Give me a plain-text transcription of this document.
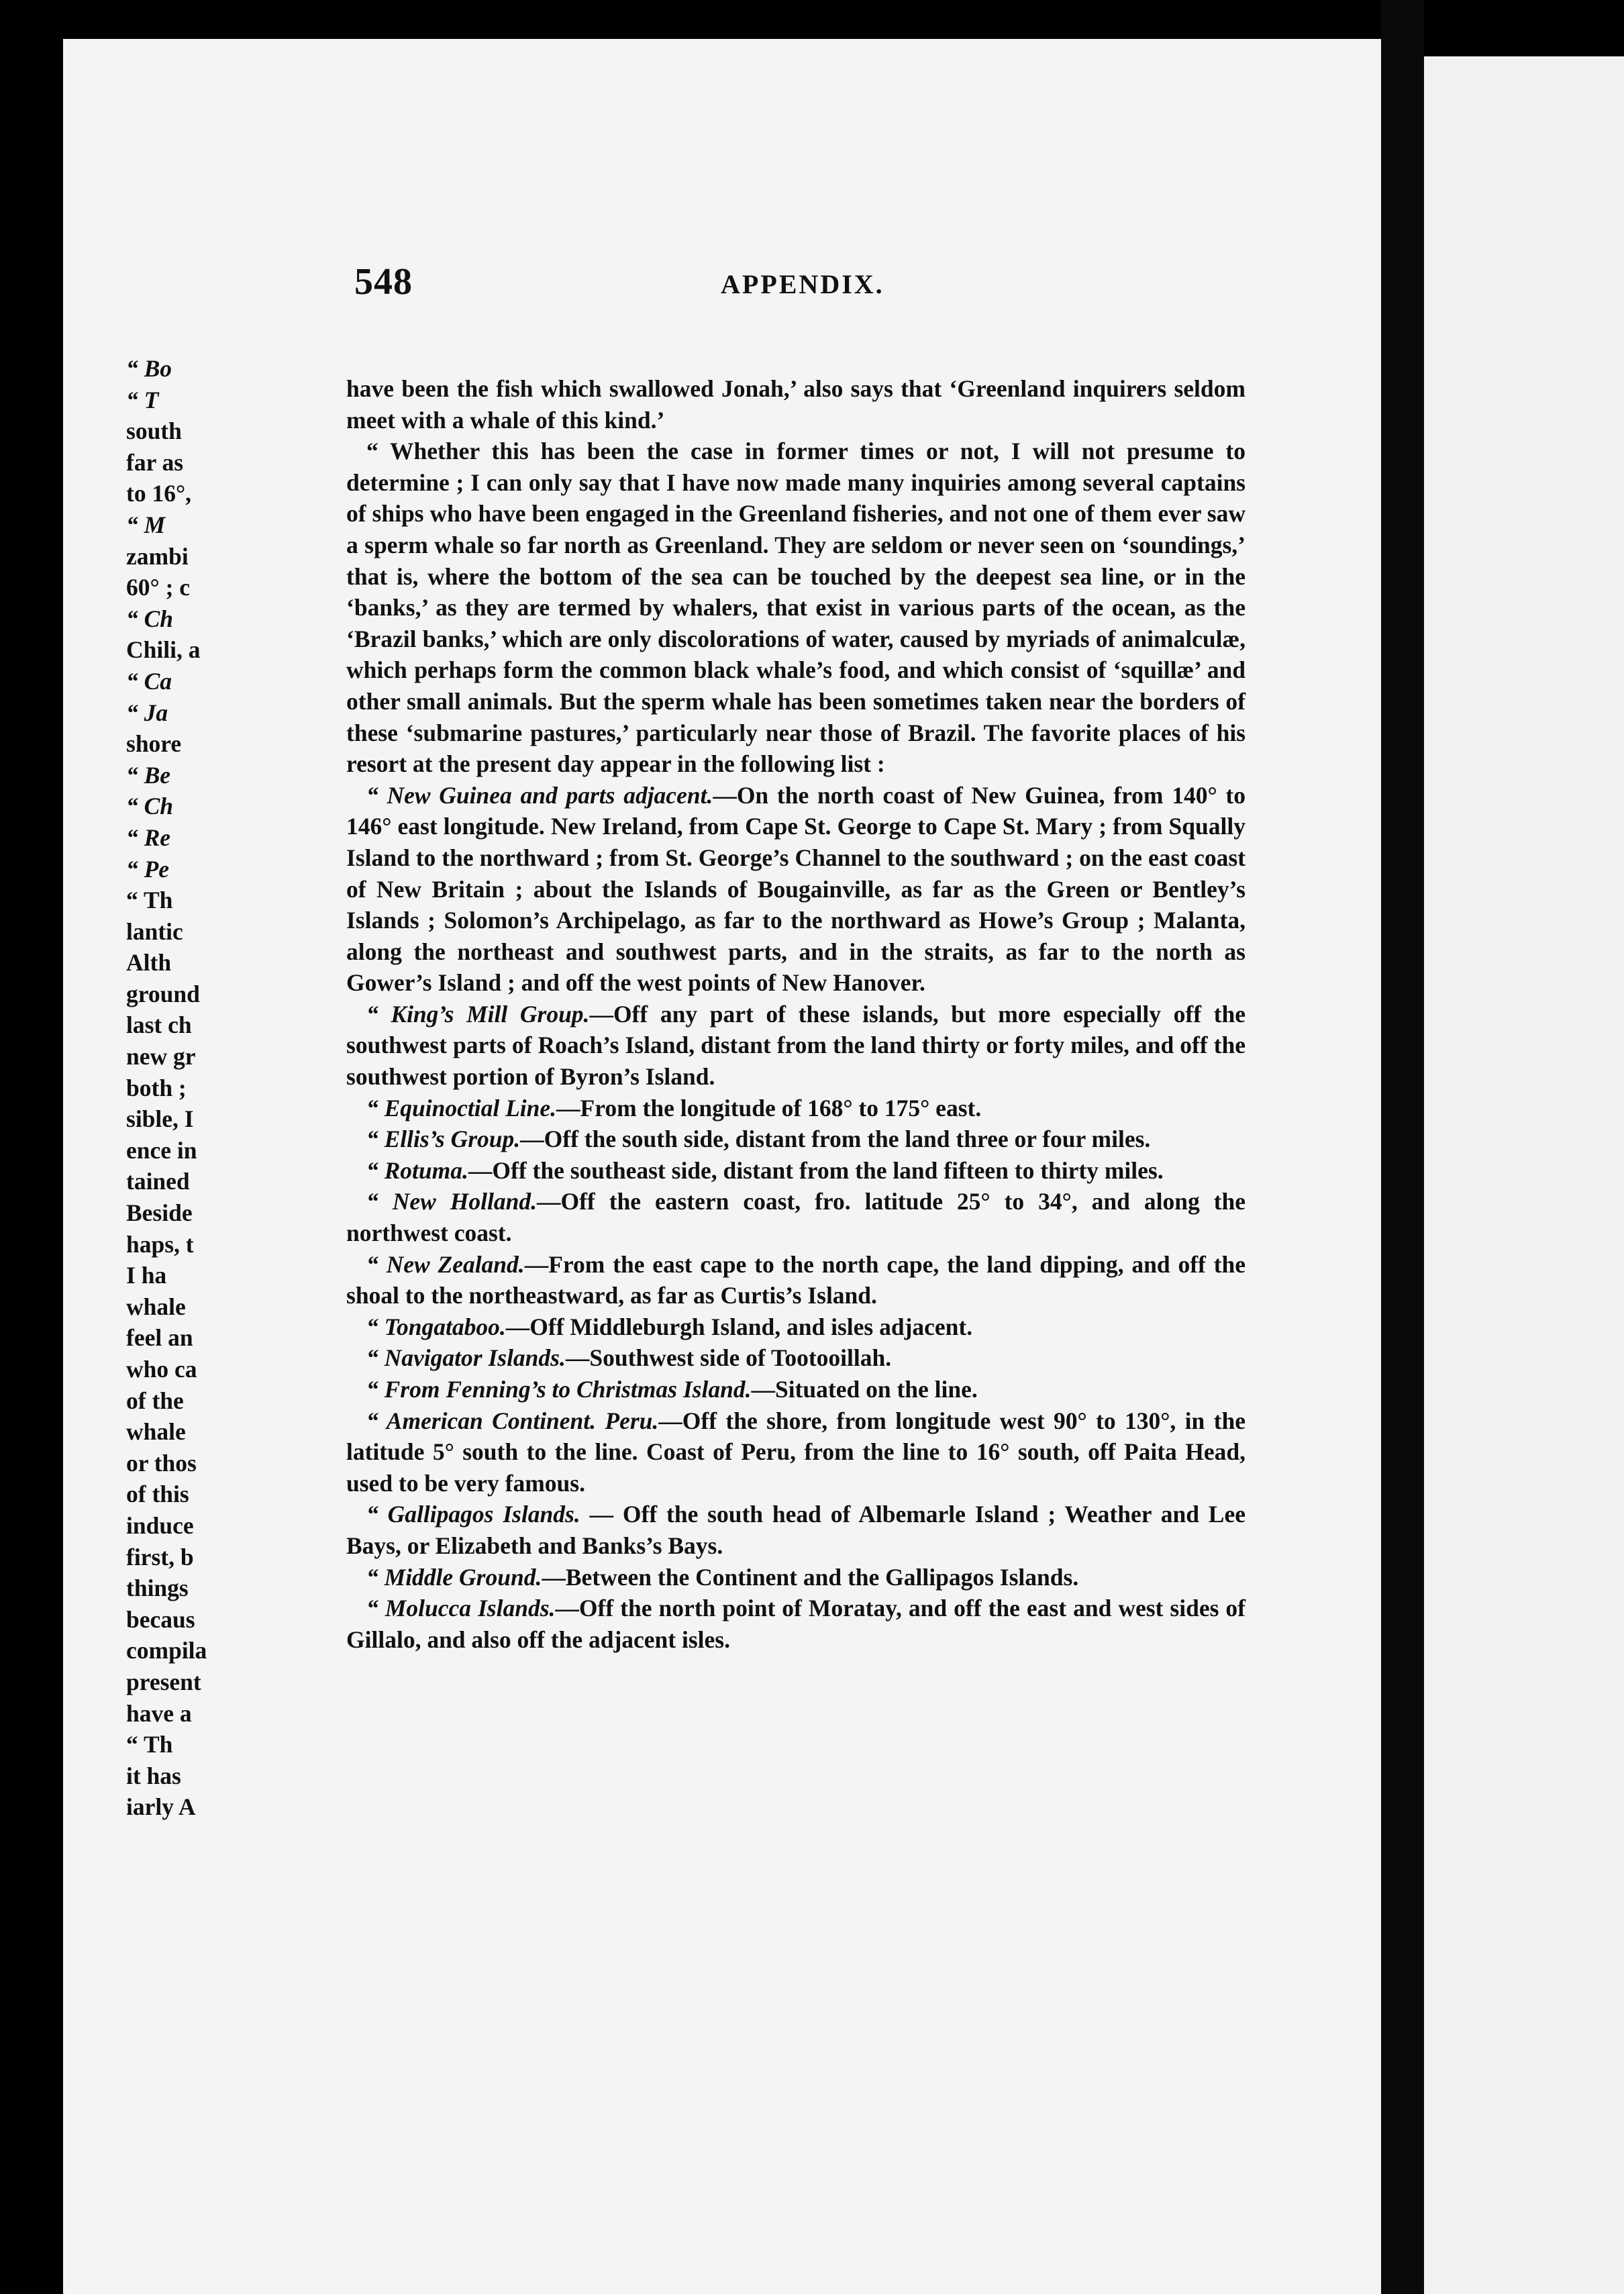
548	APPENDIX.

have been the fish which swallowed Jonah,’ also says that ‘Greenland inquirers seldom meet with a whale of this kind.’

“ Whether this has been the case in former times or not, I will not presume to determine ; I can only say that I have now made many inquiries among several captains of ships who have been engaged in the Greenland fisheries, and not one of them ever saw a sperm whale so far north as Greenland. They are seldom or never seen on ‘soundings,’ that is, where the bottom of the sea can be touched by the deepest sea line, or in the ‘banks,’ as they are termed by whalers, that exist in various parts of the ocean, as the ‘Brazil banks,’ which are only discolorations of water, caused by myriads of animalculæ, which perhaps form the common black whale’s food, and which consist of ‘squillæ’ and other small animals. But the sperm whale has been sometimes taken near the borders of these ‘submarine pastures,’ particularly near those of Brazil. The favorite places of his resort at the present day appear in the following list :

“ New Guinea and parts adjacent.—On the north coast of New Guinea, from 140° to 146° east longitude. New Ireland, from Cape St. George to Cape St. Mary ; from Squally Island to the northward ; from St. George’s Channel to the southward ; on the east coast of New Britain ; about the Islands of Bougainville, as far as the Green or Bentley’s Islands ; Solomon’s Archipelago, as far to the northward as Howe’s Group ; Malanta, along the northeast and southwest parts, and in the straits, as far to the north as Gower’s Island ; and off the west points of New Hanover.

“ King’s Mill Group.—Off any part of these islands, but more especially off the southwest parts of Roach’s Island, distant from the land thirty or forty miles, and off the southwest portion of Byron’s Island.

“ Equinoctial Line.—From the longitude of 168° to 175° east.

“ Ellis’s Group.—Off the south side, distant from the land three or four miles.

“ Rotuma.—Off the southeast side, distant from the land fifteen to thirty miles.

“ New Holland.—Off the eastern coast, fro. latitude 25° to 34°, and along the northwest coast.

“ New Zealand.—From the east cape to the north cape, the land dipping, and off the shoal to the northeastward, as far as Curtis’s Island.

“ Tongataboo.—Off Middleburgh Island, and isles adjacent.

“ Navigator Islands.—Southwest side of Tootooillah.

“ From Fenning’s to Christmas Island.—Situated on the line.

“ American Continent. Peru.—Off the shore, from longitude west 90° to 130°, in the latitude 5° south to the line. Coast of Peru, from the line to 16° south, off Paita Head, used to be very famous.

“ Gallipagos Islands. — Off the south head of Albemarle Island ; Weather and Lee Bays, or Elizabeth and Banks’s Bays.

“ Middle Ground.—Between the Continent and the Gallipagos Islands.

“ Molucca Islands.—Off the north point of Moratay, and off the east and west sides of Gillalo, and also off the adjacent isles.

“ Bo
“ T
south
far as
to 16°,
“ M
zambi
60° ; c
“ Ch
Chili, a
“ Ca
“ Ja
shore
“ Be
“ Ch
“ Re
“ Pe
“ Th
lantic
Alth
ground
last ch
new gr
both ;
sible, I
ence in
tained
Beside
haps, t
I ha
whale
feel an
who ca
of the
whale
or thos
of this
induce
first, b
things
becaus
compila
present
have a
“ Th
it has
iarly A
